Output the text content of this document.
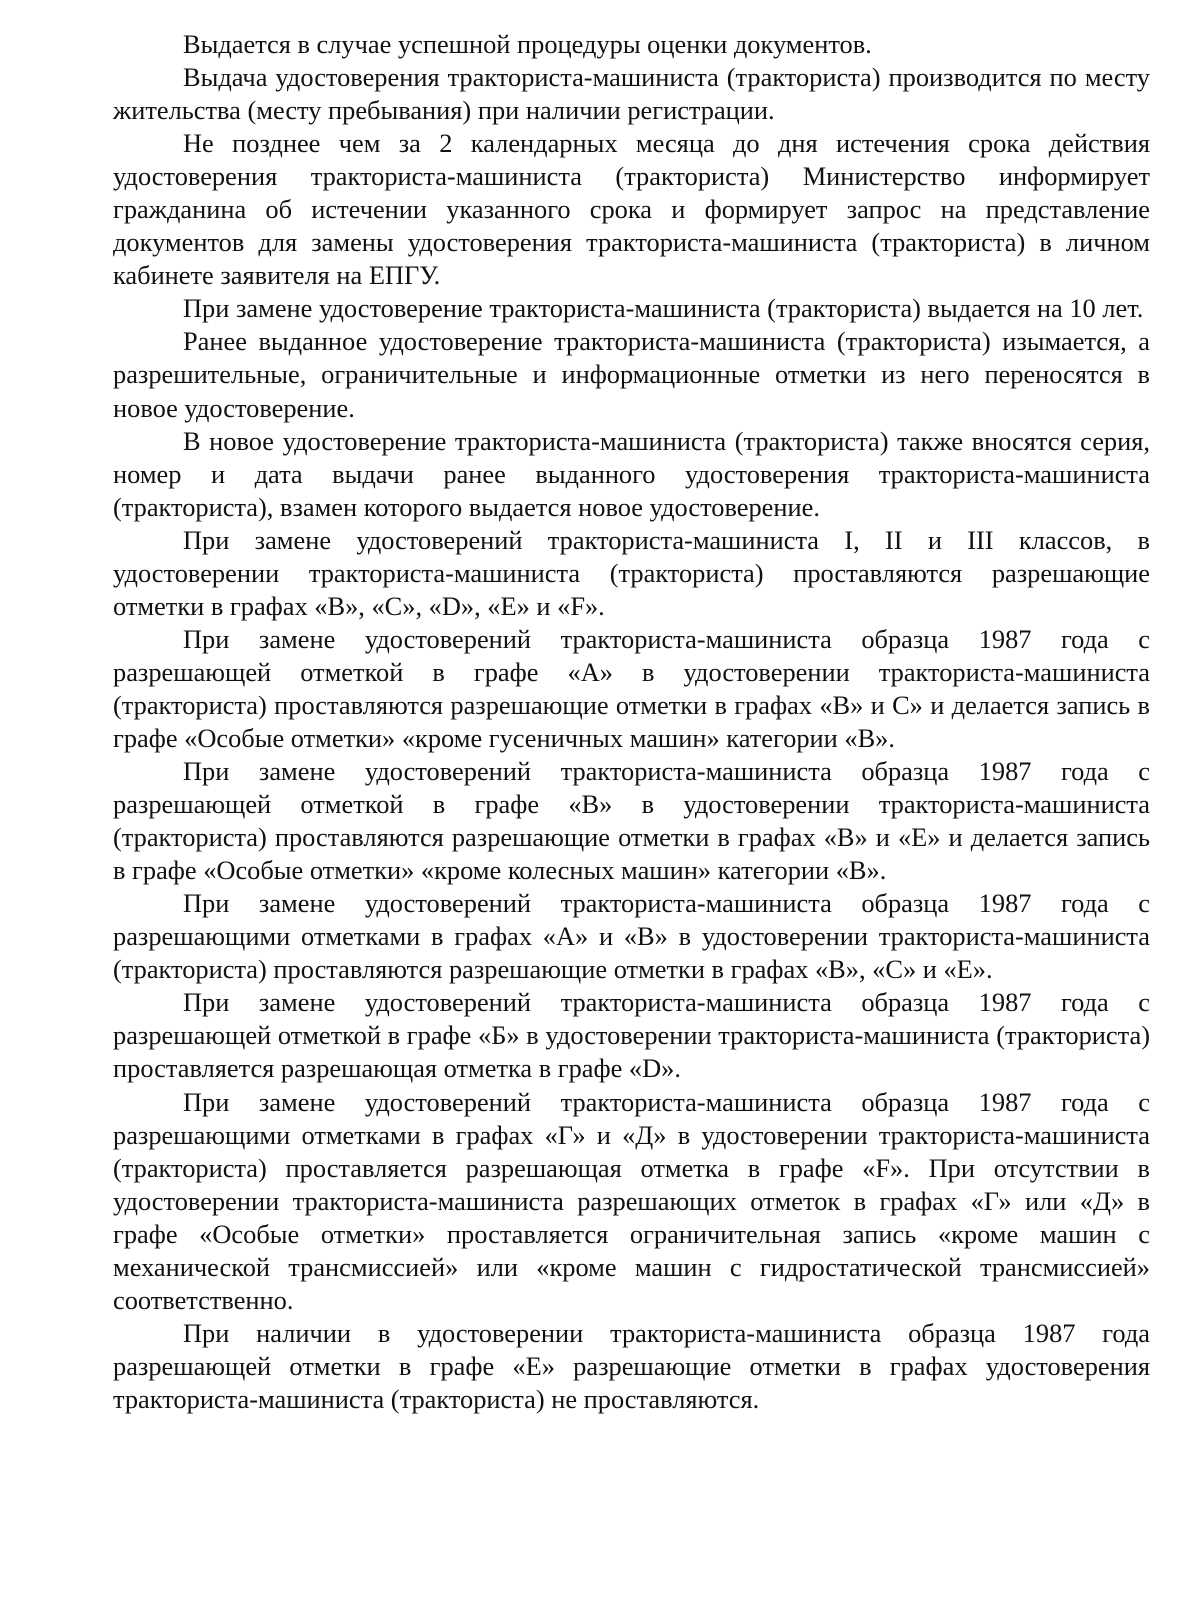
Выдается в случае успешной процедуры оценки документов.

Выдача удостоверения тракториста-машиниста (тракториста) производится по месту жительства (месту пребывания) при наличии регистрации.

Не позднее чем за 2 календарных месяца до дня истечения срока действия удостоверения тракториста-машиниста (тракториста) Министерство информирует гражданина об истечении указанного срока и формирует запрос на представление документов для замены удостоверения тракториста-машиниста (тракториста) в личном кабинете заявителя на ЕПГУ.

При замене удостоверение тракториста-машиниста (тракториста) выдается на 10 лет.

Ранее выданное удостоверение тракториста-машиниста (тракториста) изымается, а разрешительные, ограничительные и информационные отметки из него переносятся в новое удостоверение.

В новое удостоверение тракториста-машиниста (тракториста) также вносятся серия, номер и дата выдачи ранее выданного удостоверения тракториста-машиниста (тракториста), взамен которого выдается новое удостоверение.

При замене удостоверений тракториста-машиниста I, II и III классов, в удостоверении тракториста-машиниста (тракториста) проставляются разрешающие отметки в графах «В», «С», «D», «Е» и «F».

При замене удостоверений тракториста-машиниста образца 1987 года с разрешающей отметкой в графе «А» в удостоверении тракториста-машиниста (тракториста) проставляются разрешающие отметки в графах «В» и С» и делается запись в графе «Особые отметки» «кроме гусеничных машин» категории «В».

При замене удостоверений тракториста-машиниста образца 1987 года с разрешающей отметкой в графе «В» в удостоверении тракториста-машиниста (тракториста) проставляются разрешающие отметки в графах «В» и «Е» и делается запись в графе «Особые отметки» «кроме колесных машин» категории «В».

При замене удостоверений тракториста-машиниста образца 1987 года с разрешающими отметками в графах «А» и «В» в удостоверении тракториста-машиниста (тракториста) проставляются разрешающие отметки в графах «В», «С» и «Е».

При замене удостоверений тракториста-машиниста образца 1987 года с разрешающей отметкой в графе «Б» в удостоверении тракториста-машиниста (тракториста) проставляется разрешающая отметка в графе «D».

При замене удостоверений тракториста-машиниста образца 1987 года с разрешающими отметками в графах «Г» и «Д» в удостоверении тракториста-машиниста (тракториста) проставляется разрешающая отметка в графе «F». При отсутствии в удостоверении тракториста-машиниста разрешающих отметок в графах «Г» или «Д» в графе «Особые отметки» проставляется ограничительная запись «кроме машин с механической трансмиссией» или «кроме машин с гидростатической трансмиссией» соответственно.

При наличии в удостоверении тракториста-машиниста образца 1987 года разрешающей отметки в графе «Е» разрешающие отметки в графах удостоверения тракториста-машиниста (тракториста) не проставляются.
